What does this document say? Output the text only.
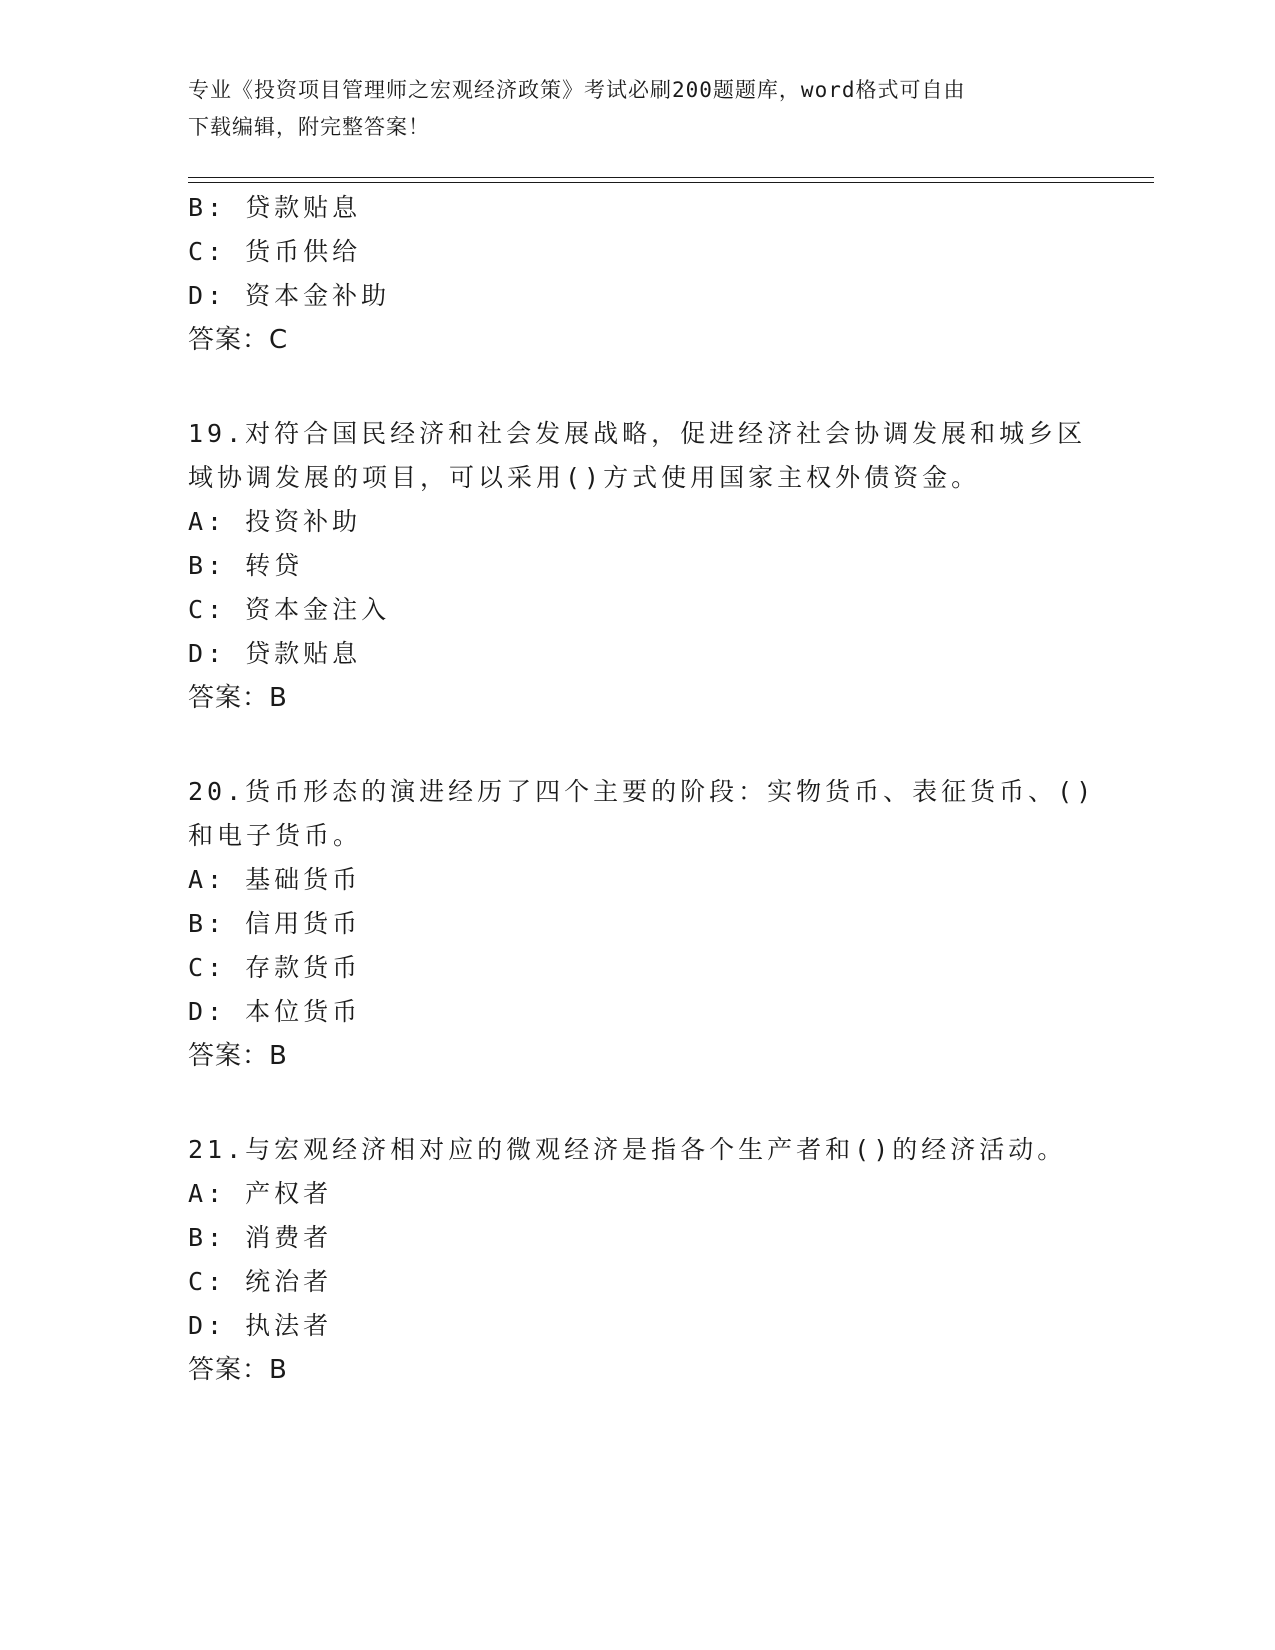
专业《投资项目管理师之宏观经济政策》考试必刷200题题库，word格式可自由
下载编辑，附完整答案！
B: 贷款贴息
C: 货币供给
D: 资本金补助
答案：C
19.对符合国民经济和社会发展战略，促进经济社会协调发展和城乡区
域协调发展的项目，可以采用()方式使用国家主权外债资金。
A: 投资补助
B: 转贷
C: 资本金注入
D: 贷款贴息
答案：B
20.货币形态的演进经历了四个主要的阶段：实物货币、表征货币、()
和电子货币。
A: 基础货币
B: 信用货币
C: 存款货币
D: 本位货币
答案：B
21.与宏观经济相对应的微观经济是指各个生产者和()的经济活动。
A: 产权者
B: 消费者
C: 统治者
D: 执法者
答案：B
